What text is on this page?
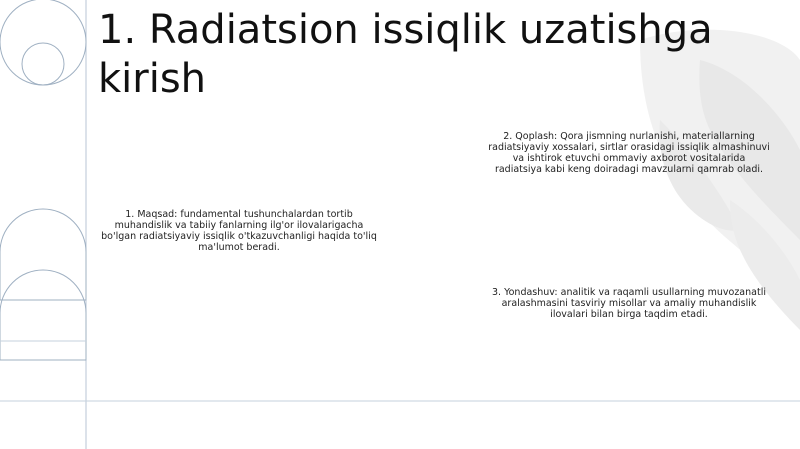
1. Radiatsion issiqlik uzatishga kirish

1. Maqsad: fundamental tushunchalardan tortib muhandislik va tabiiy fanlarning ilg'or ilovalarigacha bo'lgan radiatsiyaviy issiqlik o'tkazuvchanligi haqida to'liq ma'lumot beradi.

2. Qoplash: Qora jismning nurlanishi, materiallarning radiatsiyaviy xossalari, sirtlar orasidagi issiqlik almashinuvi va ishtirok etuvchi ommaviy axborot vositalarida radiatsiya kabi keng doiradagi mavzularni qamrab oladi.

3. Yondashuv: analitik va raqamli usullarning muvozanatli aralashmasini tasviriy misollar va amaliy muhandislik ilovalari bilan birga taqdim etadi.
